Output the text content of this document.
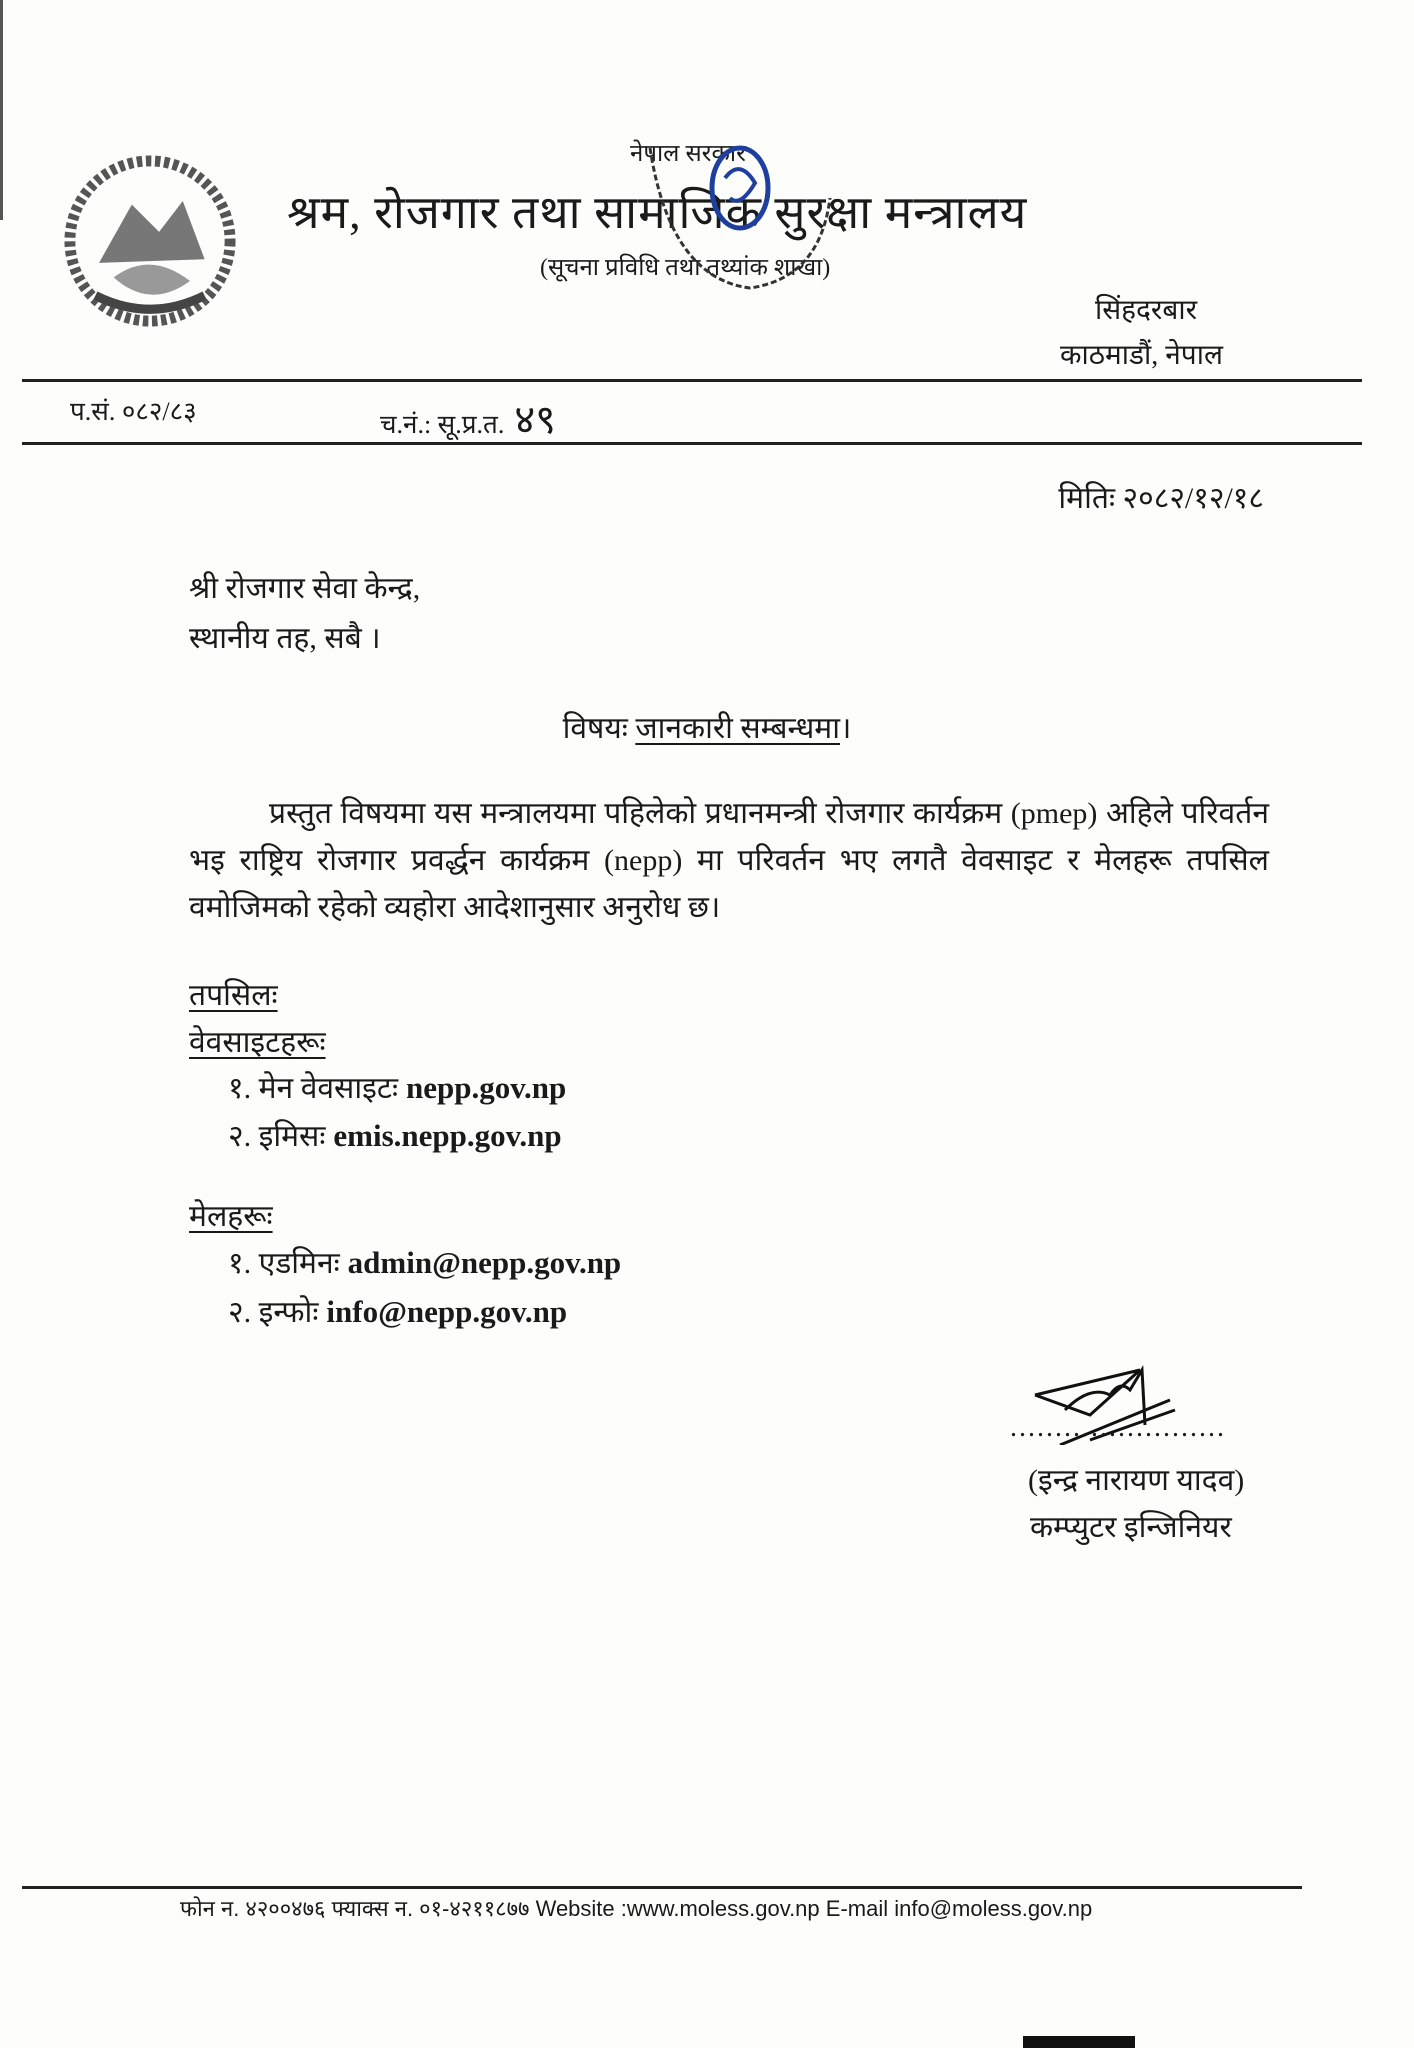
नेपाल सरकार
श्रम, रोजगार तथा सामाजिक सुरक्षा मन्त्रालय
(सूचना प्रविधि तथा तथ्यांक शाखा)
सिंहदरबार
काठमाडौं, नेपाल
प.सं. ०८२/८३	च.नं.: सू.प्र.त. ४९
मितिः २०८२/१२/१८
श्री रोजगार सेवा केन्द्र,
स्थानीय तह, सबै ।
विषयः जानकारी सम्बन्धमा।
प्रस्तुत विषयमा यस मन्त्रालयमा पहिलेको प्रधानमन्त्री रोजगार कार्यक्रम (pmep) अहिले परिवर्तन भइ राष्ट्रिय रोजगार प्रवर्द्धन कार्यक्रम (nepp) मा परिवर्तन भए लगतै वेवसाइट र मेलहरू तपसिल वमोजिमको रहेको व्यहोरा आदेशानुसार अनुरोध छ।
तपसिलः
वेवसाइटहरूः
१. मेन वेवसाइटः nepp.gov.np
२. इमिसः emis.nepp.gov.np
मेलहरूः
१. एडमिनः admin@nepp.gov.np
२. इन्फोः info@nepp.gov.np
........................
(इन्द्र नारायण यादव)
कम्प्युटर इन्जिनियर
फोन न. ४२००४७६ फ्याक्स न. ०१-४२११८७७ Website :www.moless.gov.np E-mail info@moless.gov.np
